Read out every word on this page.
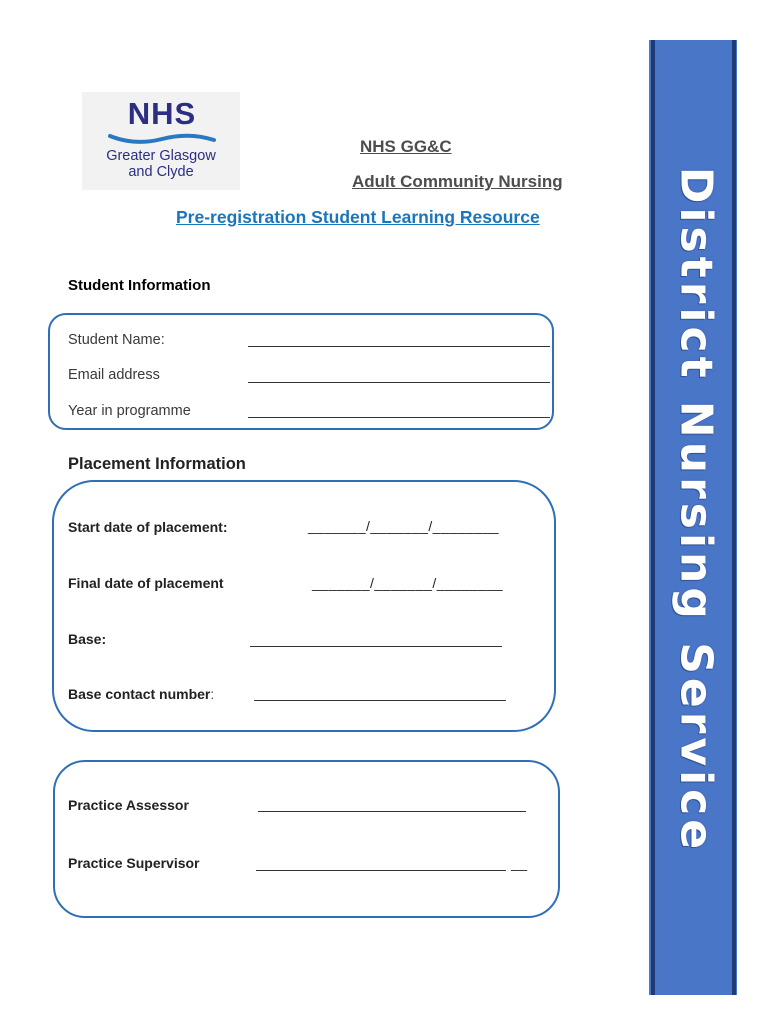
NHS
Greater Glasgow
and Clyde
NHS GG&C
Adult Community Nursing
Pre-registration Student Learning Resource
Student Information
Student Name:
Email address
Year in programme
Placement Information
Start date of placement:	_______/_______/________
Final date of placement	_______/_______/________
Base:
Base contact number:
Practice Assessor
Practice Supervisor	__
District Nursing Service
